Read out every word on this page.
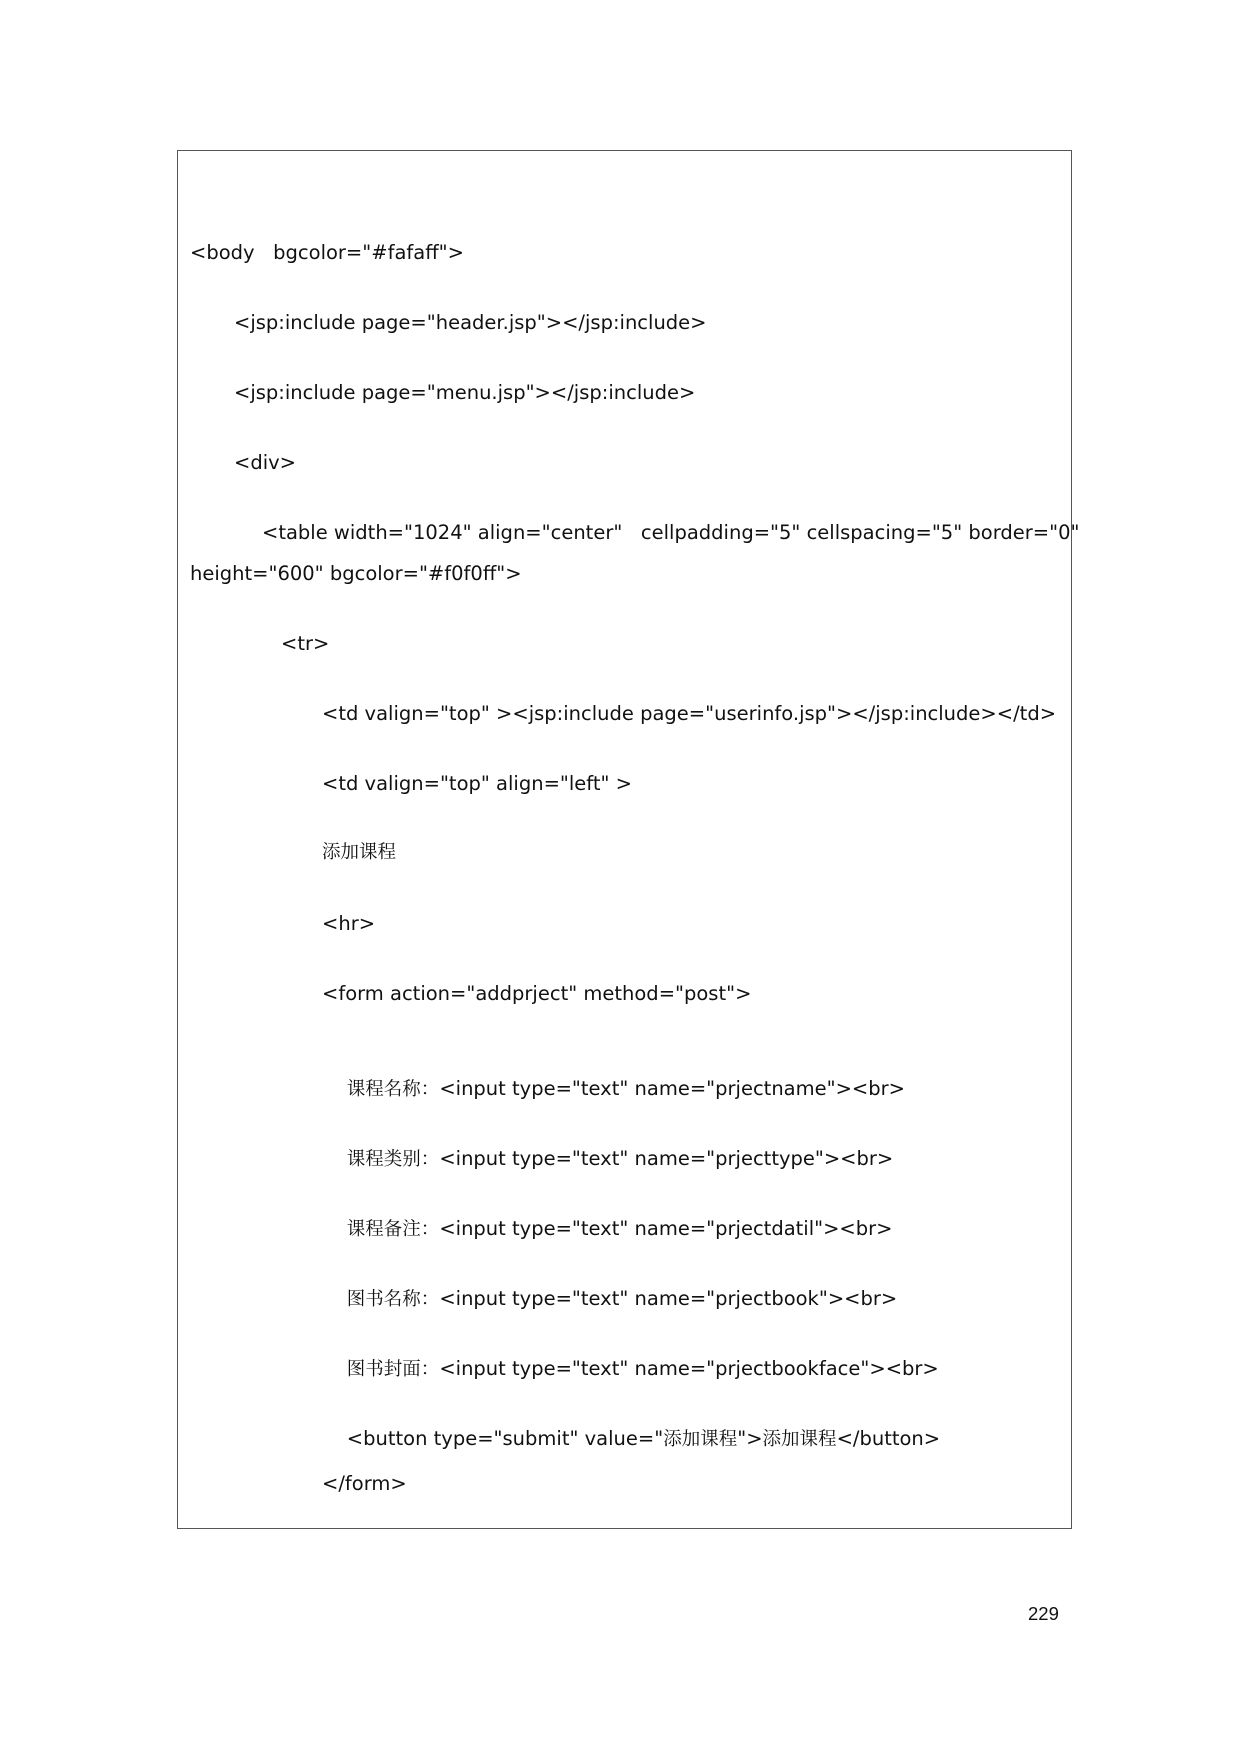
<body   bgcolor="#fafaff">
<jsp:include page="header.jsp"></jsp:include>
<jsp:include page="menu.jsp"></jsp:include>
<div>
<table width="1024" align="center"   cellpadding="5" cellspacing="5" border="0"
height="600" bgcolor="#f0f0ff">
<tr>
<td valign="top" ><jsp:include page="userinfo.jsp"></jsp:include></td>
<td valign="top" align="left" >
添加课程
<hr>
<form action="addprject" method="post">

课程名称：<input type="text" name="prjectname"><br>

课程类别：<input type="text" name="prjecttype"><br>

课程备注：<input type="text" name="prjectdatil"><br>

图书名称：<input type="text" name="prjectbook"><br>

图书封面：<input type="text" name="prjectbookface"><br>

<button type="submit" value="添加课程">添加课程</button>

</form>
229
